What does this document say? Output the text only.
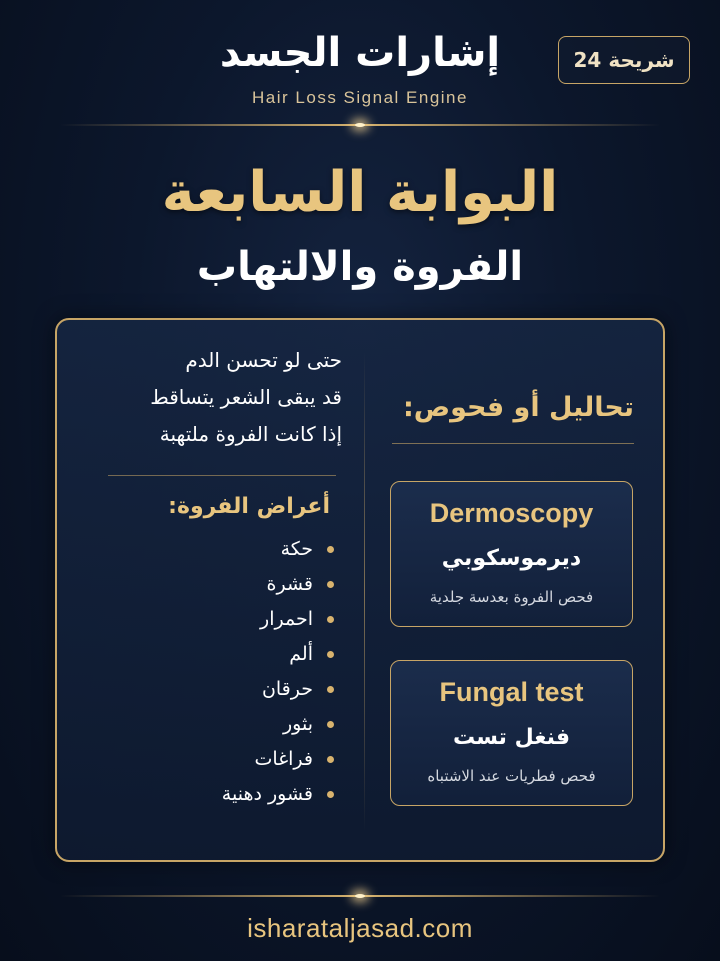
إشارات الجسد
Hair Loss Signal Engine
شريحة 24
البوابة السابعة
الفروة والالتهاب
حتى لو تحسن الدم
قد يبقى الشعر يتساقط
إذا كانت الفروة ملتهبة
أعراض الفروة:
حكة
قشرة
احمرار
ألم
حرقان
بثور
فراغات
قشور دهنية
تحاليل أو فحوص:
Dermoscopy
ديرموسكوبي
فحص الفروة بعدسة جلدية
Fungal test
فنغل تست
فحص فطريات عند الاشتباه
isharataljasad.com
